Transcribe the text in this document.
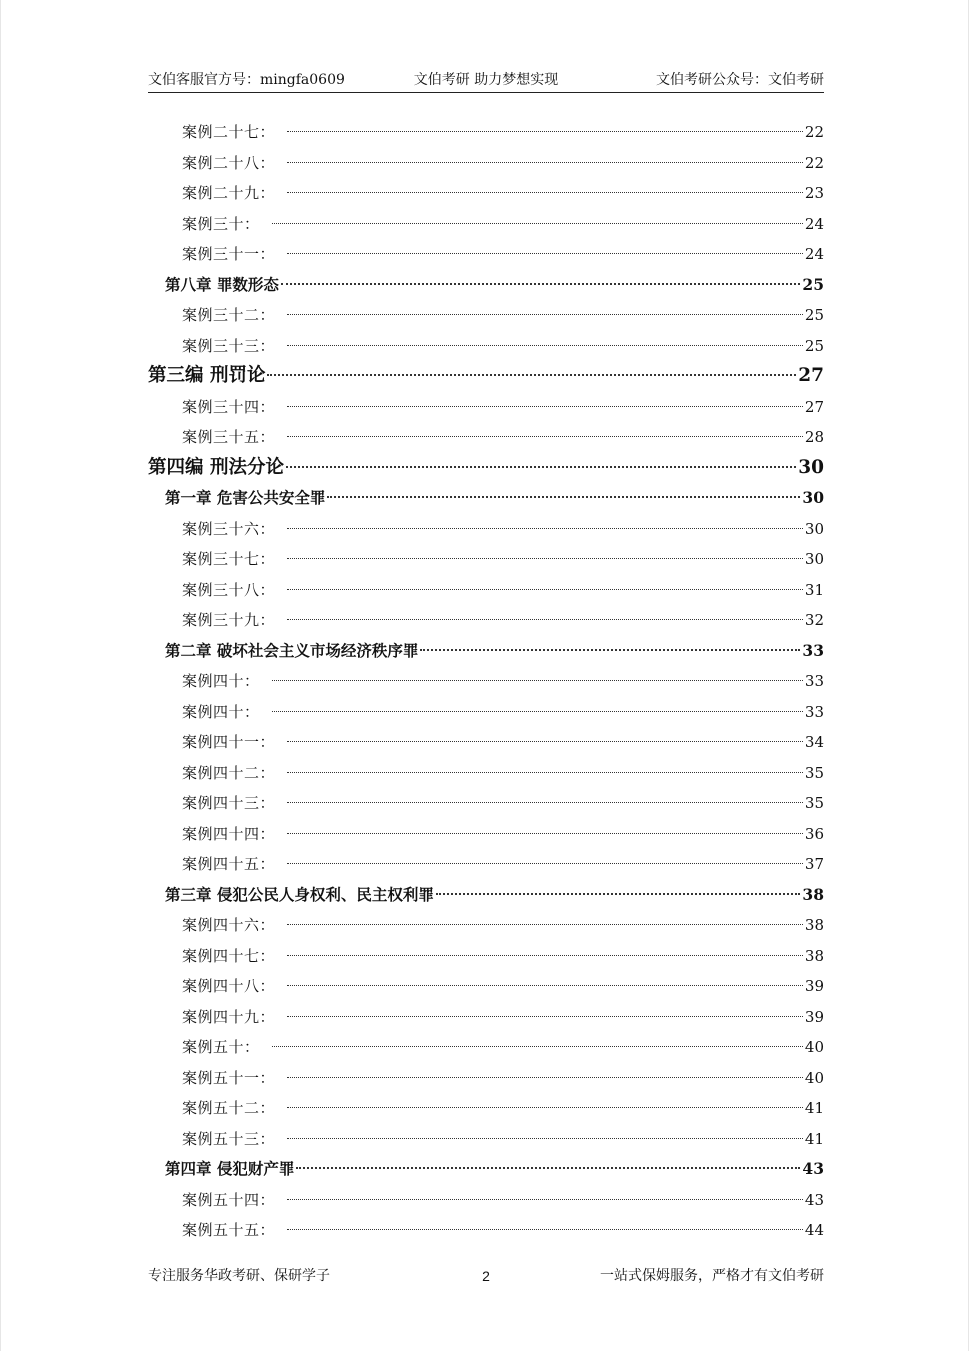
文伯客服官方号：mingfa0609	文伯考研 助力梦想实现	文伯考研公众号：文伯考研
案例二十七：	22
案例二十八：	22
案例二十九：	23
案例三十：	24
案例三十一：	24
第八章 罪数形态	25
案例三十二：	25
案例三十三：	25
第三编 刑罚论	27
案例三十四：	27
案例三十五：	28
第四编 刑法分论	30
第一章 危害公共安全罪	30
案例三十六：	30
案例三十七：	30
案例三十八：	31
案例三十九：	32
第二章 破坏社会主义市场经济秩序罪	33
案例四十：	33
案例四十：	33
案例四十一：	34
案例四十二：	35
案例四十三：	35
案例四十四：	36
案例四十五：	37
第三章 侵犯公民人身权利、民主权利罪	38
案例四十六：	38
案例四十七：	38
案例四十八：	39
案例四十九：	39
案例五十：	40
案例五十一：	40
案例五十二：	41
案例五十三：	41
第四章 侵犯财产罪	43
案例五十四：	43
案例五十五：	44
专注服务华政考研、保研学子	2	一站式保姆服务，严格才有文伯考研
